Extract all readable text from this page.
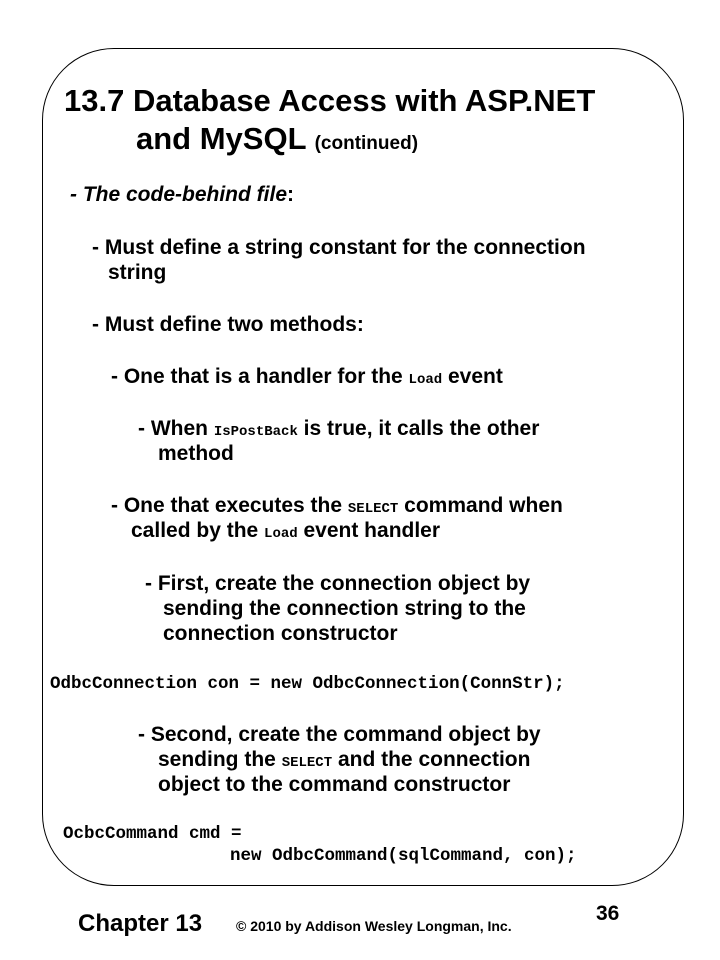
13.7 Database Access with ASP.NET
and MySQL (continued)
- The code-behind file:
- Must define a string constant for the connection
string
- Must define two methods:
- One that is a handler for the Load event
- When IsPostBack is true, it calls the other
method
- One that executes the SELECT command when
called by the Load event handler
- First, create the connection object by
sending the connection string to the
connection constructor
OdbcConnection con = new OdbcConnection(ConnStr);
- Second, create the command object by
sending the SELECT and the connection
object to the command constructor
OcbcCommand cmd =
new OdbcCommand(sqlCommand, con);
Chapter 13 © 2010 by Addison Wesley Longman, Inc.
36
